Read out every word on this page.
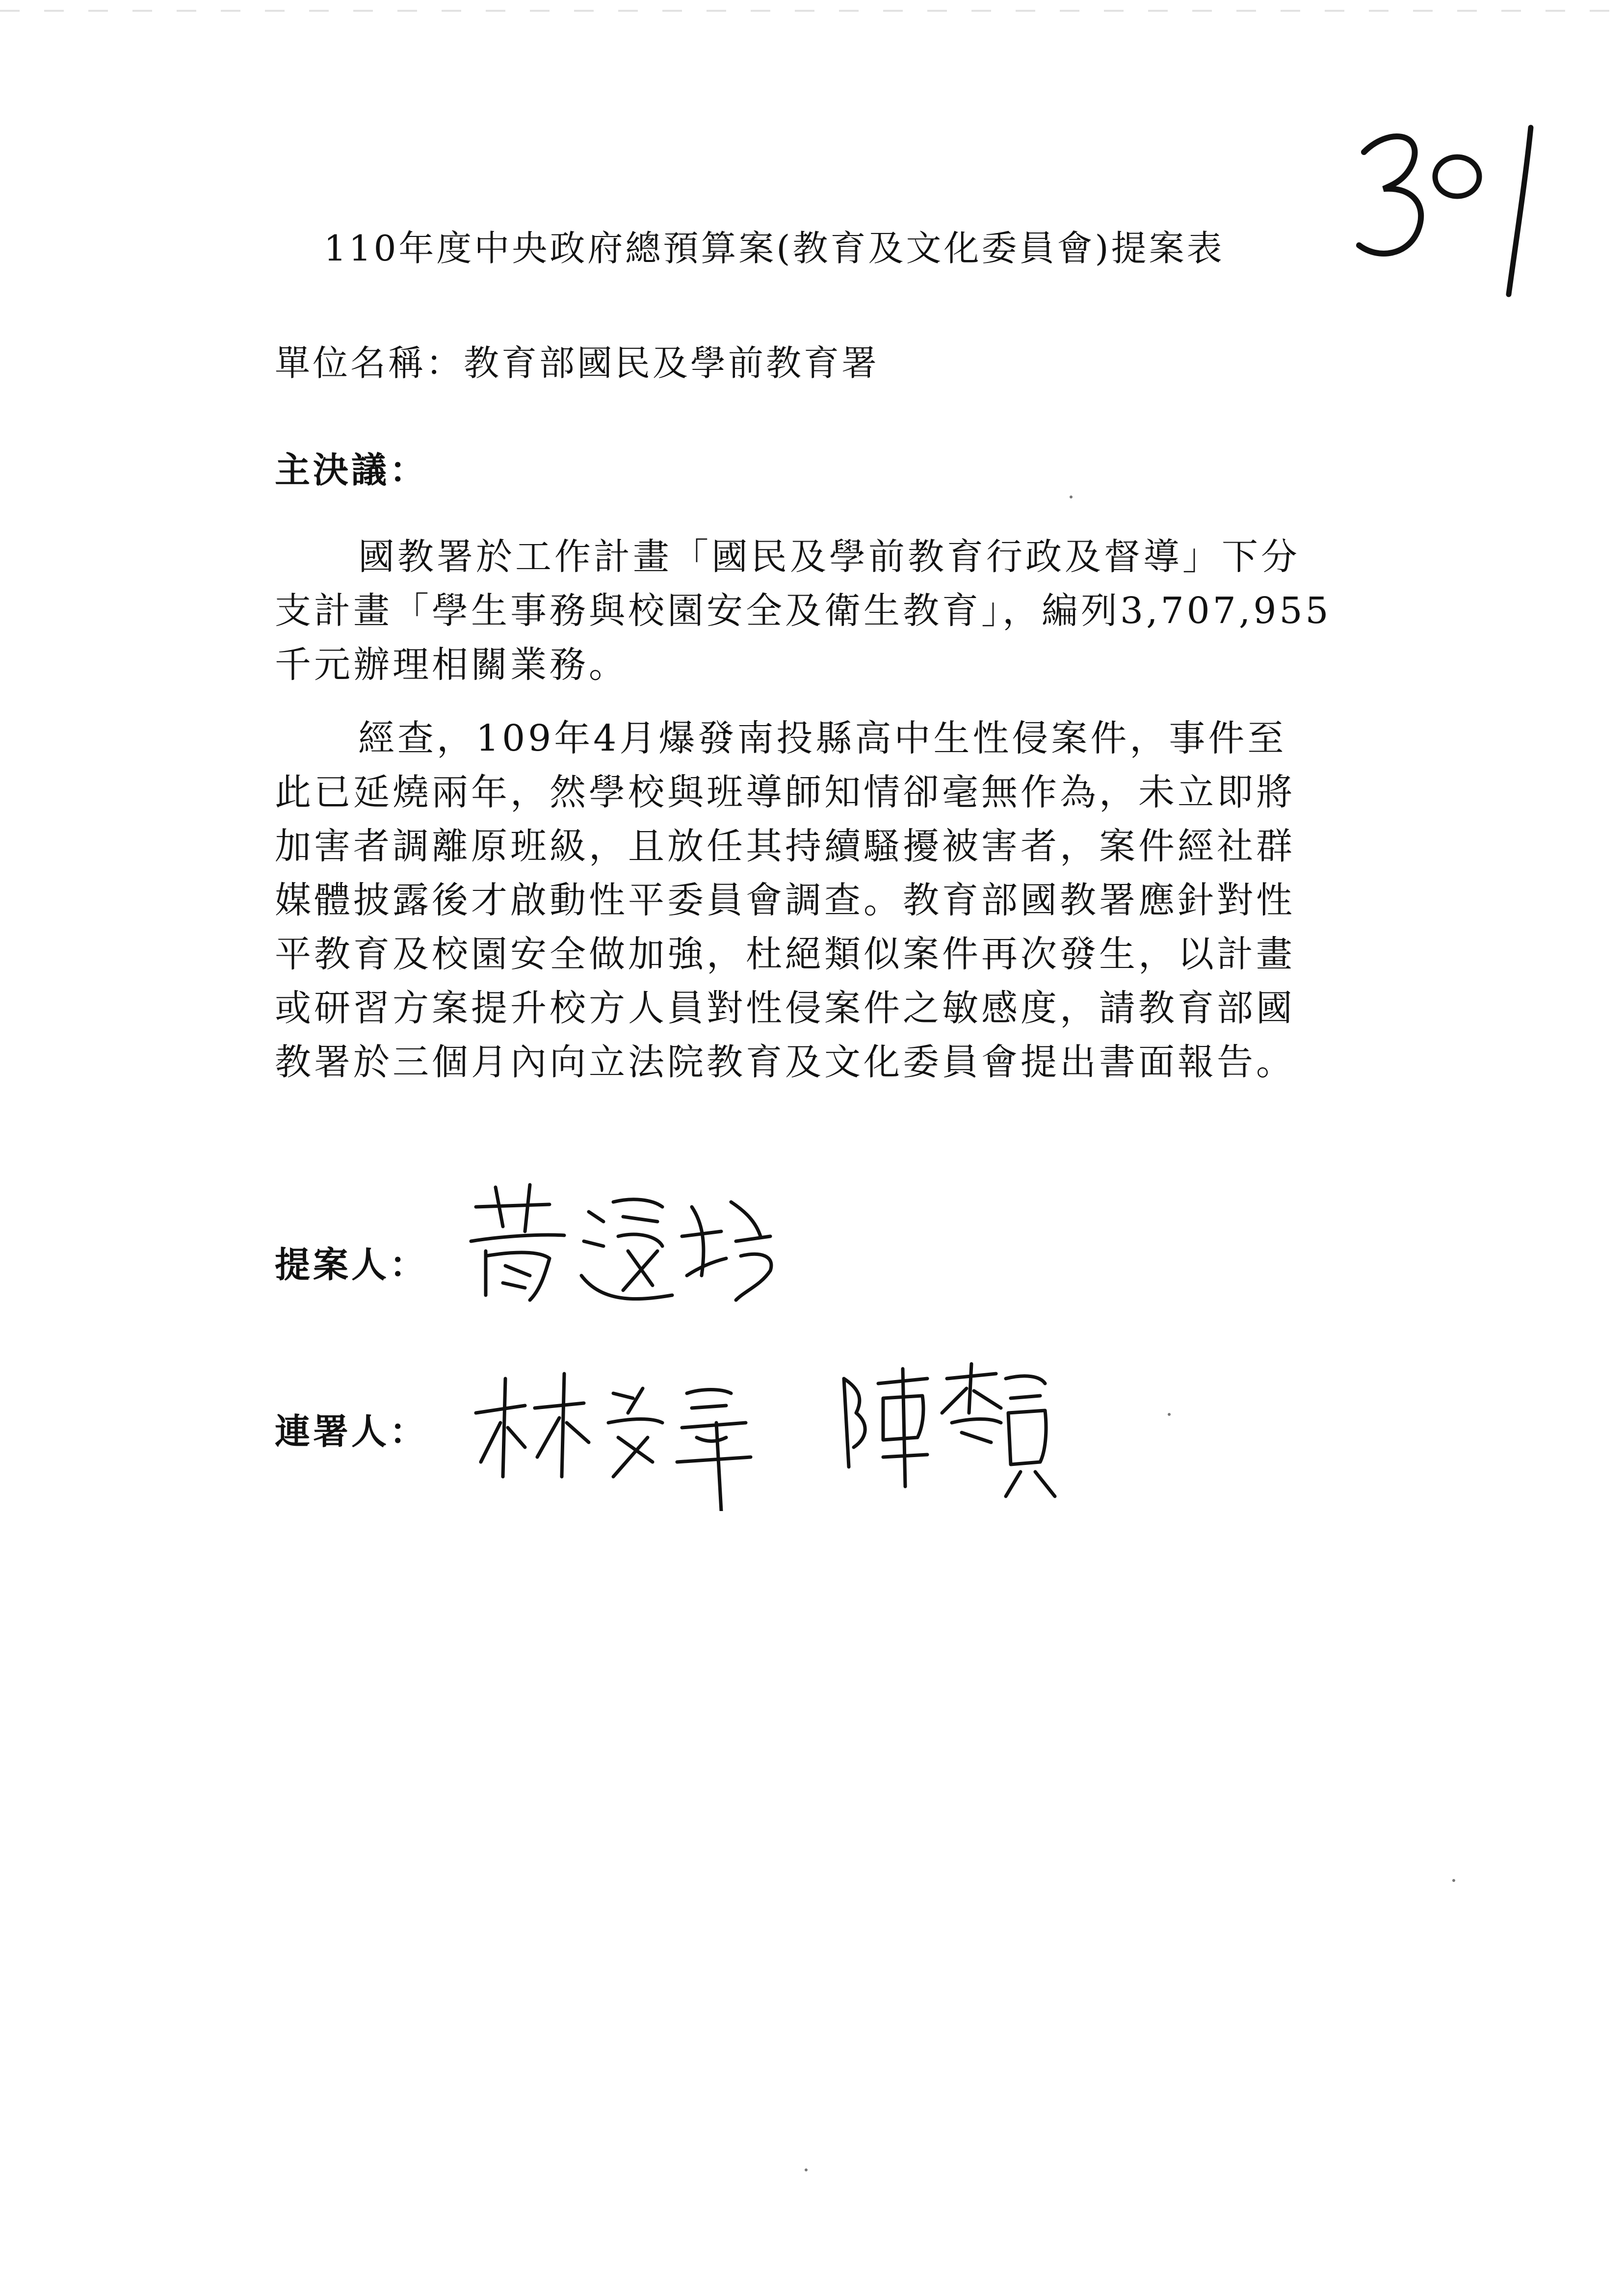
110年度中央政府總預算案(教育及文化委員會)提案表
單位名稱：教育部國民及學前教育署
主決議：
國教署於工作計畫「國民及學前教育行政及督導」下分
支計畫「學生事務與校園安全及衛生教育」，編列3,707,955
千元辦理相關業務。
經查，109年4月爆發南投縣高中生性侵案件，事件至
此已延燒兩年，然學校與班導師知情卻毫無作為，未立即將
加害者調離原班級，且放任其持續騷擾被害者，案件經社群
媒體披露後才啟動性平委員會調查。教育部國教署應針對性
平教育及校園安全做加強，杜絕類似案件再次發生，以計畫
或研習方案提升校方人員對性侵案件之敏感度，請教育部國
教署於三個月內向立法院教育及文化委員會提出書面報告。
提案人：
連署人：
